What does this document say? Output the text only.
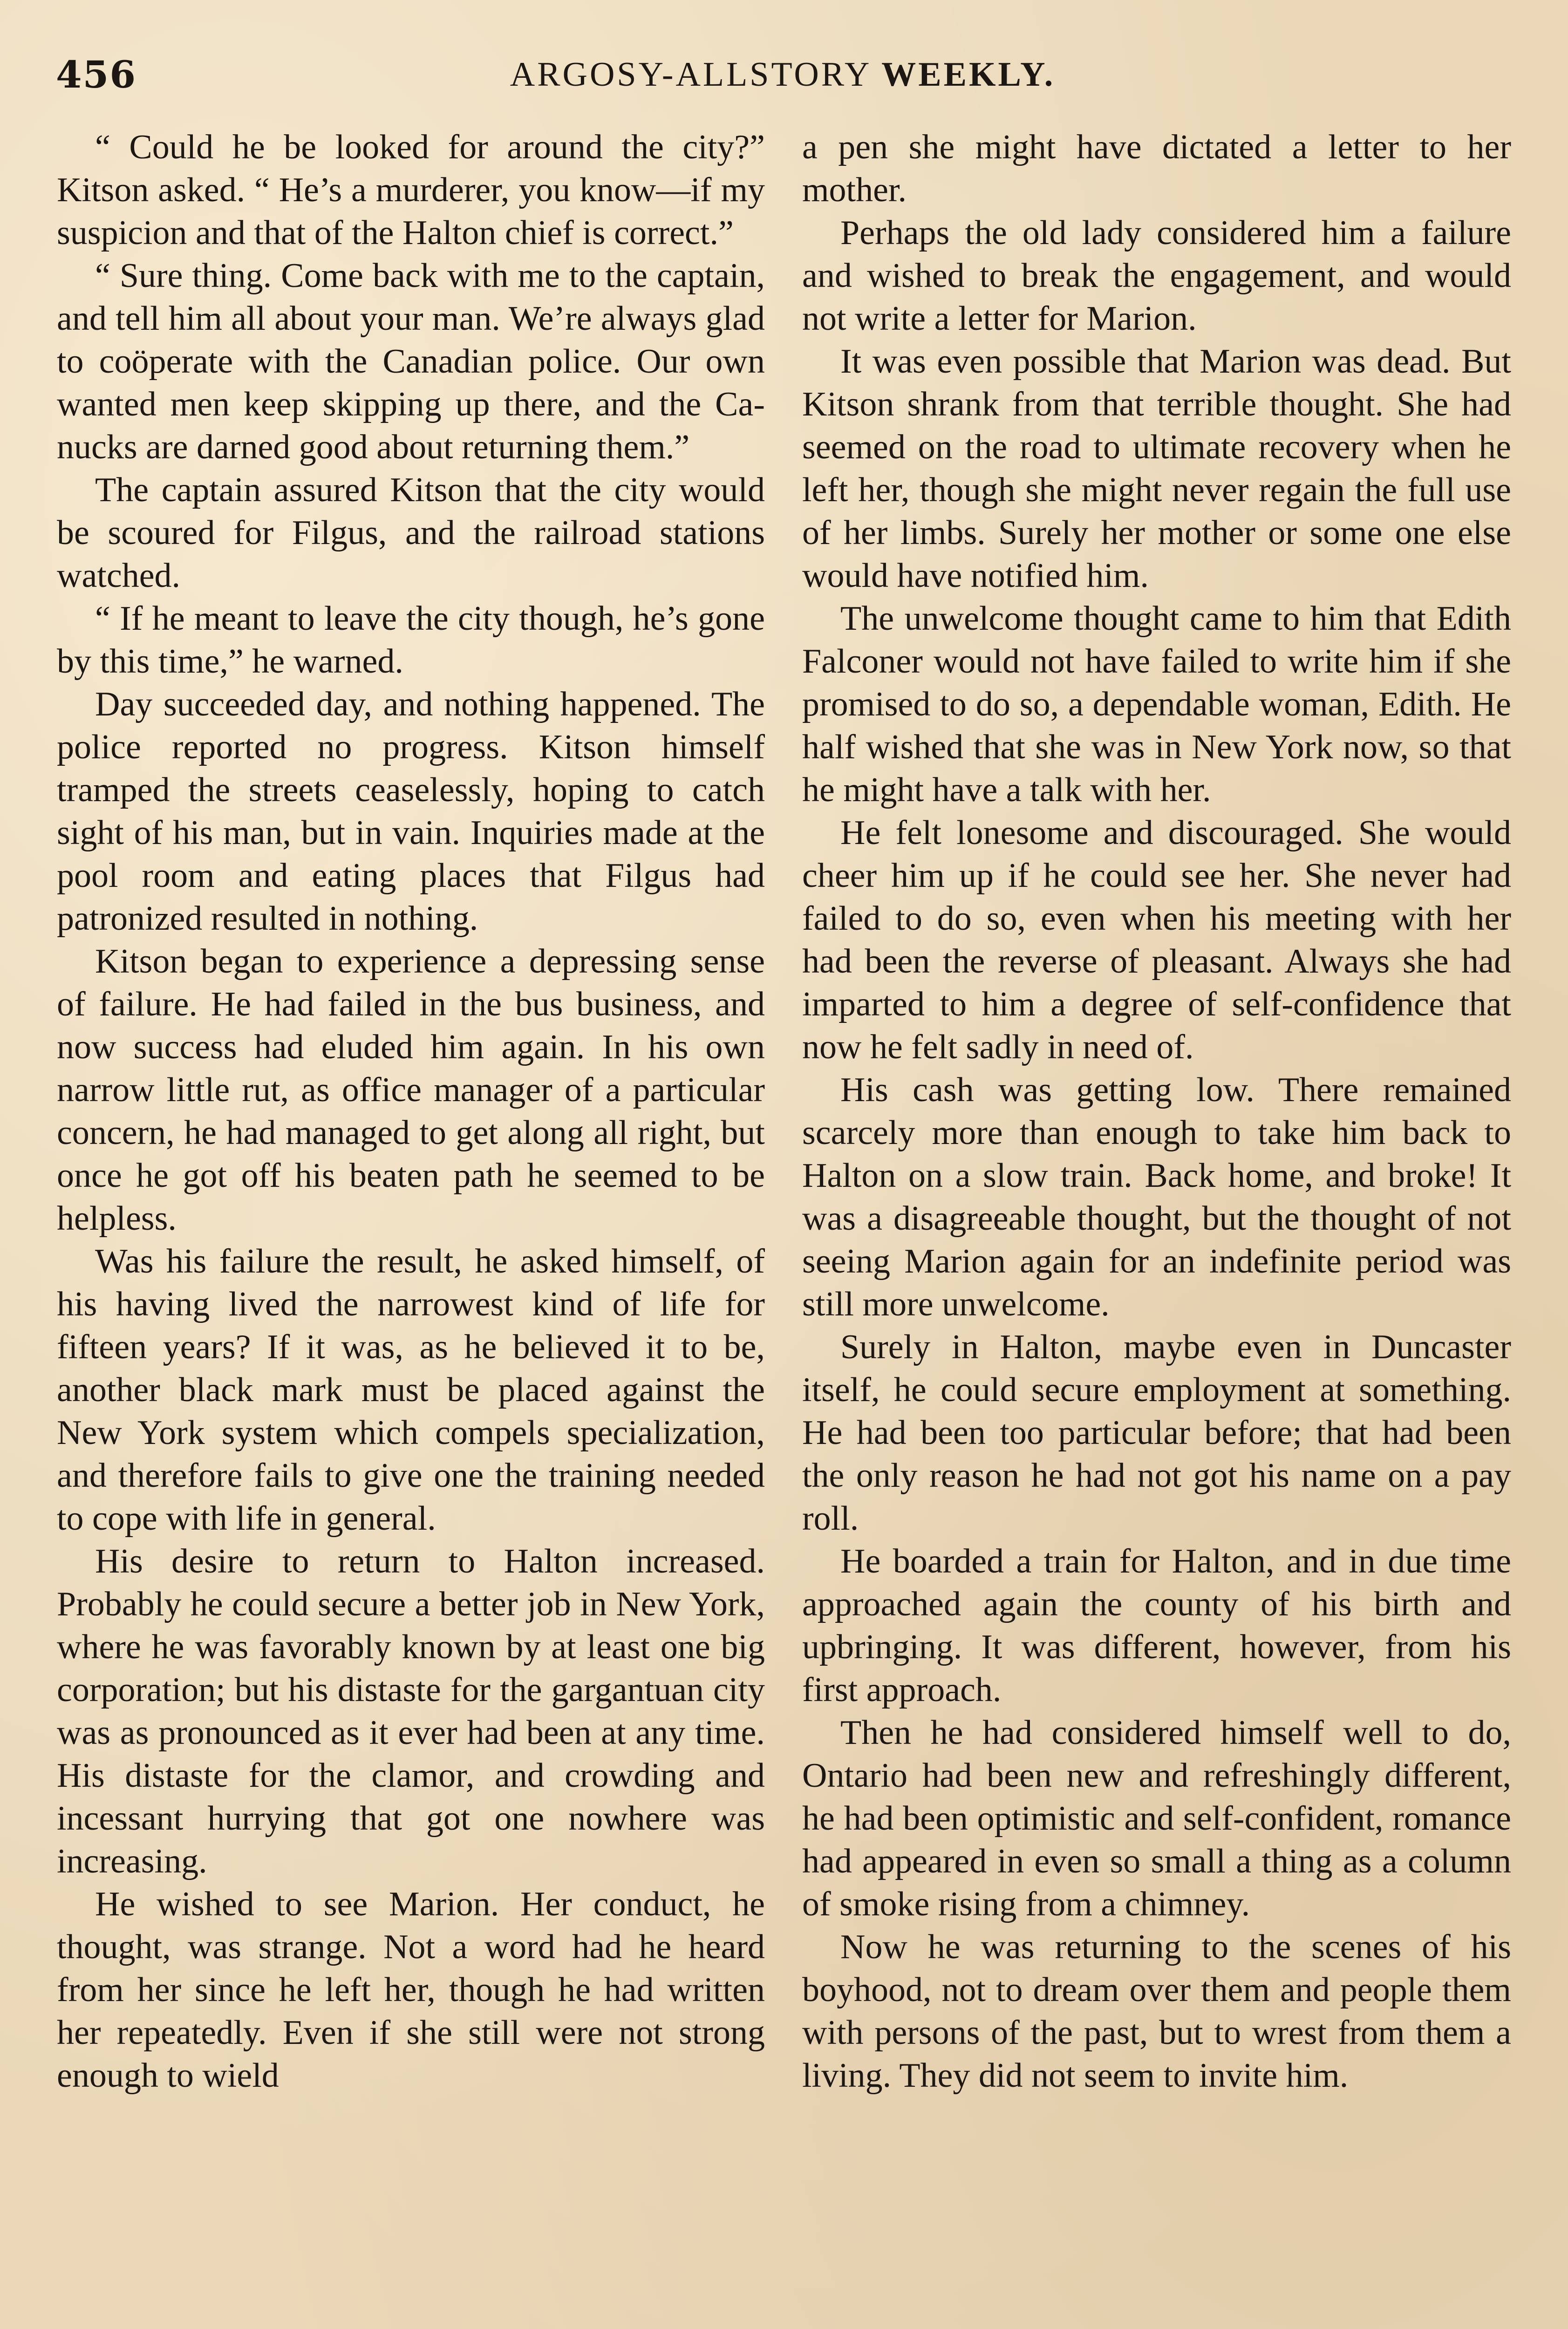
456	ARGOSY-ALLSTORY WEEKLY.

“ Could he be looked for around the city?” Kitson asked. “ He’s a murderer, you know—if my suspicion and that of the Halton chief is correct.”

“ Sure thing. Come back with me to the captain, and tell him all about your man. We’re always glad to coöperate with the Canadian police. Our own wanted men keep skipping up there, and the Canucks are darned good about returning them.”

The captain assured Kitson that the city would be scoured for Filgus, and the railroad stations watched.

“ If he meant to leave the city though, he’s gone by this time,” he warned.

Day succeeded day, and nothing happened. The police reported no progress. Kitson himself tramped the streets ceaselessly, hoping to catch sight of his man, but in vain. Inquiries made at the pool room and eating places that Filgus had patronized resulted in nothing.

Kitson began to experience a depressing sense of failure. He had failed in the bus business, and now success had eluded him again. In his own narrow little rut, as office manager of a particular concern, he had managed to get along all right, but once he got off his beaten path he seemed to be helpless.

Was his failure the result, he asked himself, of his having lived the narrowest kind of life for fifteen years? If it was, as he believed it to be, another black mark must be placed against the New York system which compels specialization, and therefore fails to give one the training needed to cope with life in general.

His desire to return to Halton increased. Probably he could secure a better job in New York, where he was favorably known by at least one big corporation; but his distaste for the gargantuan city was as pronounced as it ever had been at any time. His distaste for the clamor, and crowding and incessant hurrying that got one nowhere was increasing.

He wished to see Marion. Her conduct, he thought, was strange. Not a word had he heard from her since he left her, though he had written her repeatedly. Even if she still were not strong enough to wield

a pen she might have dictated a letter to her mother.

Perhaps the old lady considered him a failure and wished to break the engagement, and would not write a letter for Marion.

It was even possible that Marion was dead. But Kitson shrank from that terrible thought. She had seemed on the road to ultimate recovery when he left her, though she might never regain the full use of her limbs. Surely her mother or some one else would have notified him.

The unwelcome thought came to him that Edith Falconer would not have failed to write him if she promised to do so, a dependable woman, Edith. He half wished that she was in New York now, so that he might have a talk with her.

He felt lonesome and discouraged. She would cheer him up if he could see her. She never had failed to do so, even when his meeting with her had been the reverse of pleasant. Always she had imparted to him a degree of self-confidence that now he felt sadly in need of.

His cash was getting low. There remained scarcely more than enough to take him back to Halton on a slow train. Back home, and broke! It was a disagreeable thought, but the thought of not seeing Marion again for an indefinite period was still more unwelcome.

Surely in Halton, maybe even in Duncaster itself, he could secure employment at something. He had been too particular before; that had been the only reason he had not got his name on a pay roll.

He boarded a train for Halton, and in due time approached again the county of his birth and upbringing. It was different, however, from his first approach.

Then he had considered himself well to do, Ontario had been new and refreshingly different, he had been optimistic and self-confident, romance had appeared in even so small a thing as a column of smoke rising from a chimney.

Now he was returning to the scenes of his boyhood, not to dream over them and people them with persons of the past, but to wrest from them a living. They did not seem to invite him.
